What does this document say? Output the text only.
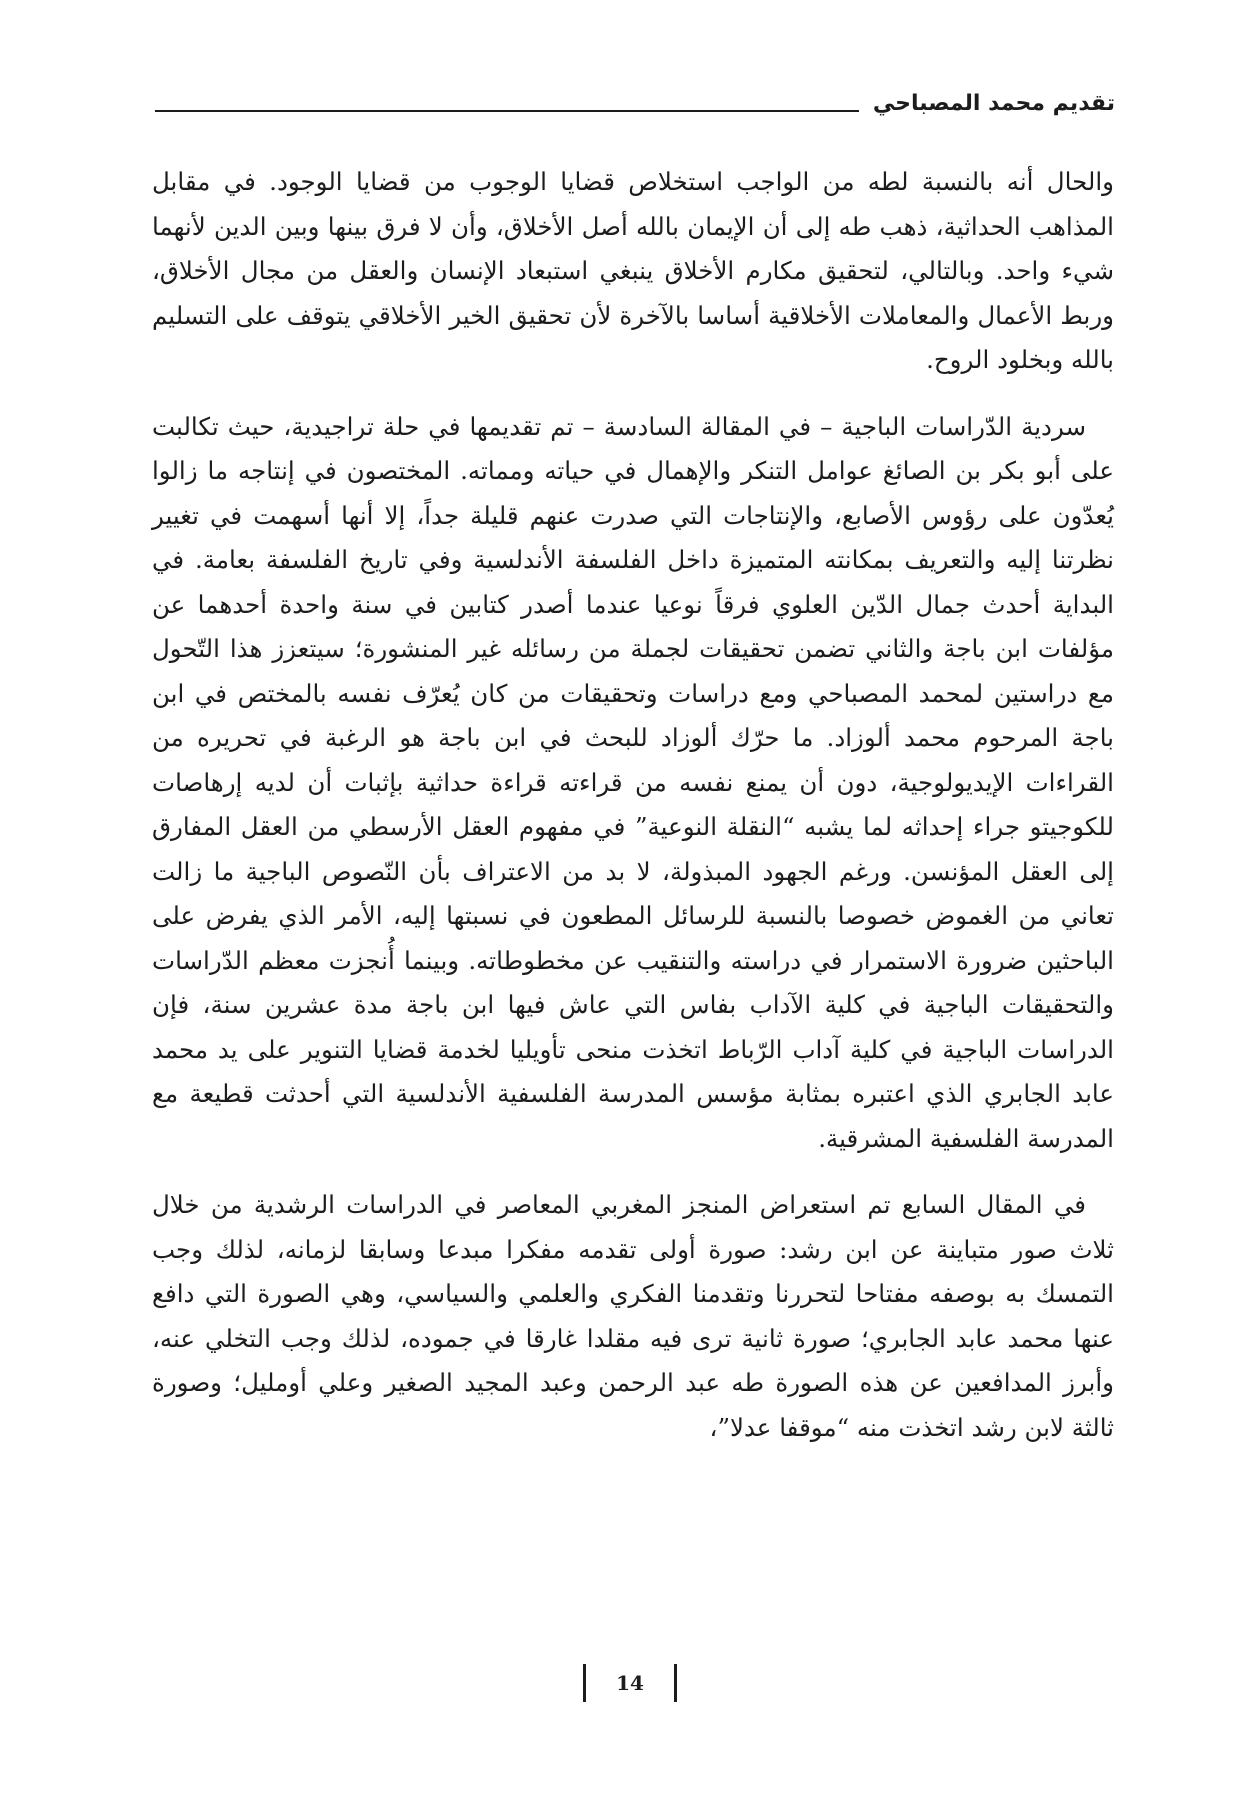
تقديم محمد المصباحي

والحال أنه بالنسبة لطه من الواجب استخلاص قضايا الوجوب من قضايا الوجود. في مقابل المذاهب الحداثية، ذهب طه إلى أن الإيمان بالله أصل الأخلاق، وأن لا فرق بينها وبين الدين لأنهما شيء واحد. وبالتالي، لتحقيق مكارم الأخلاق ينبغي استبعاد الإنسان والعقل من مجال الأخلاق، وربط الأعمال والمعاملات الأخلاقية أساسا بالآخرة لأن تحقيق الخير الأخلاقي يتوقف على التسليم بالله وبخلود الروح.

سردية الدّراسات الباجية – في المقالة السادسة – تم تقديمها في حلة تراجيدية، حيث تكالبت على أبو بكر بن الصائغ عوامل التنكر والإهمال في حياته ومماته. المختصون في إنتاجه ما زالوا يُعدّون على رؤوس الأصابع، والإنتاجات التي صدرت عنهم قليلة جداً، إلا أنها أسهمت في تغيير نظرتنا إليه والتعريف بمكانته المتميزة داخل الفلسفة الأندلسية وفي تاريخ الفلسفة بعامة. في البداية أحدث جمال الدّين العلوي فرقاً نوعيا عندما أصدر كتابين في سنة واحدة أحدهما عن مؤلفات ابن باجة والثاني تضمن تحقيقات لجملة من رسائله غير المنشورة؛ سيتعزز هذا التّحول مع دراستين لمحمد المصباحي ومع دراسات وتحقيقات من كان يُعرّف نفسه بالمختص في ابن باجة المرحوم محمد ألوزاد. ما حرّك ألوزاد للبحث في ابن باجة هو الرغبة في تحريره من القراءات الإيديولوجية، دون أن يمنع نفسه من قراءته قراءة حداثية بإثبات أن لديه إرهاصات للكوجيتو جراء إحداثه لما يشبه “النقلة النوعية” في مفهوم العقل الأرسطي من العقل المفارق إلى العقل المؤنسن. ورغم الجهود المبذولة، لا بد من الاعتراف بأن النّصوص الباجية ما زالت تعاني من الغموض خصوصا بالنسبة للرسائل المطعون في نسبتها إليه، الأمر الذي يفرض على الباحثين ضرورة الاستمرار في دراسته والتنقيب عن مخطوطاته. وبينما أُنجزت معظم الدّراسات والتحقيقات الباجية في كلية الآداب بفاس التي عاش فيها ابن باجة مدة عشرين سنة، فإن الدراسات الباجية في كلية آداب الرّباط اتخذت منحى تأويليا لخدمة قضايا التنوير على يد محمد عابد الجابري الذي اعتبره بمثابة مؤسس المدرسة الفلسفية الأندلسية التي أحدثت قطيعة مع المدرسة الفلسفية المشرقية.

في المقال السابع تم استعراض المنجز المغربي المعاصر في الدراسات الرشدية من خلال ثلاث صور متباينة عن ابن رشد: صورة أولى تقدمه مفكرا مبدعا وسابقا لزمانه، لذلك وجب التمسك به بوصفه مفتاحا لتحررنا وتقدمنا الفكري والعلمي والسياسي، وهي الصورة التي دافع عنها محمد عابد الجابري؛ صورة ثانية ترى فيه مقلدا غارقا في جموده، لذلك وجب التخلي عنه، وأبرز المدافعين عن هذه الصورة طه عبد الرحمن وعبد المجيد الصغير وعلي أومليل؛ وصورة ثالثة لابن رشد اتخذت منه “موقفا عدلا”،

14
